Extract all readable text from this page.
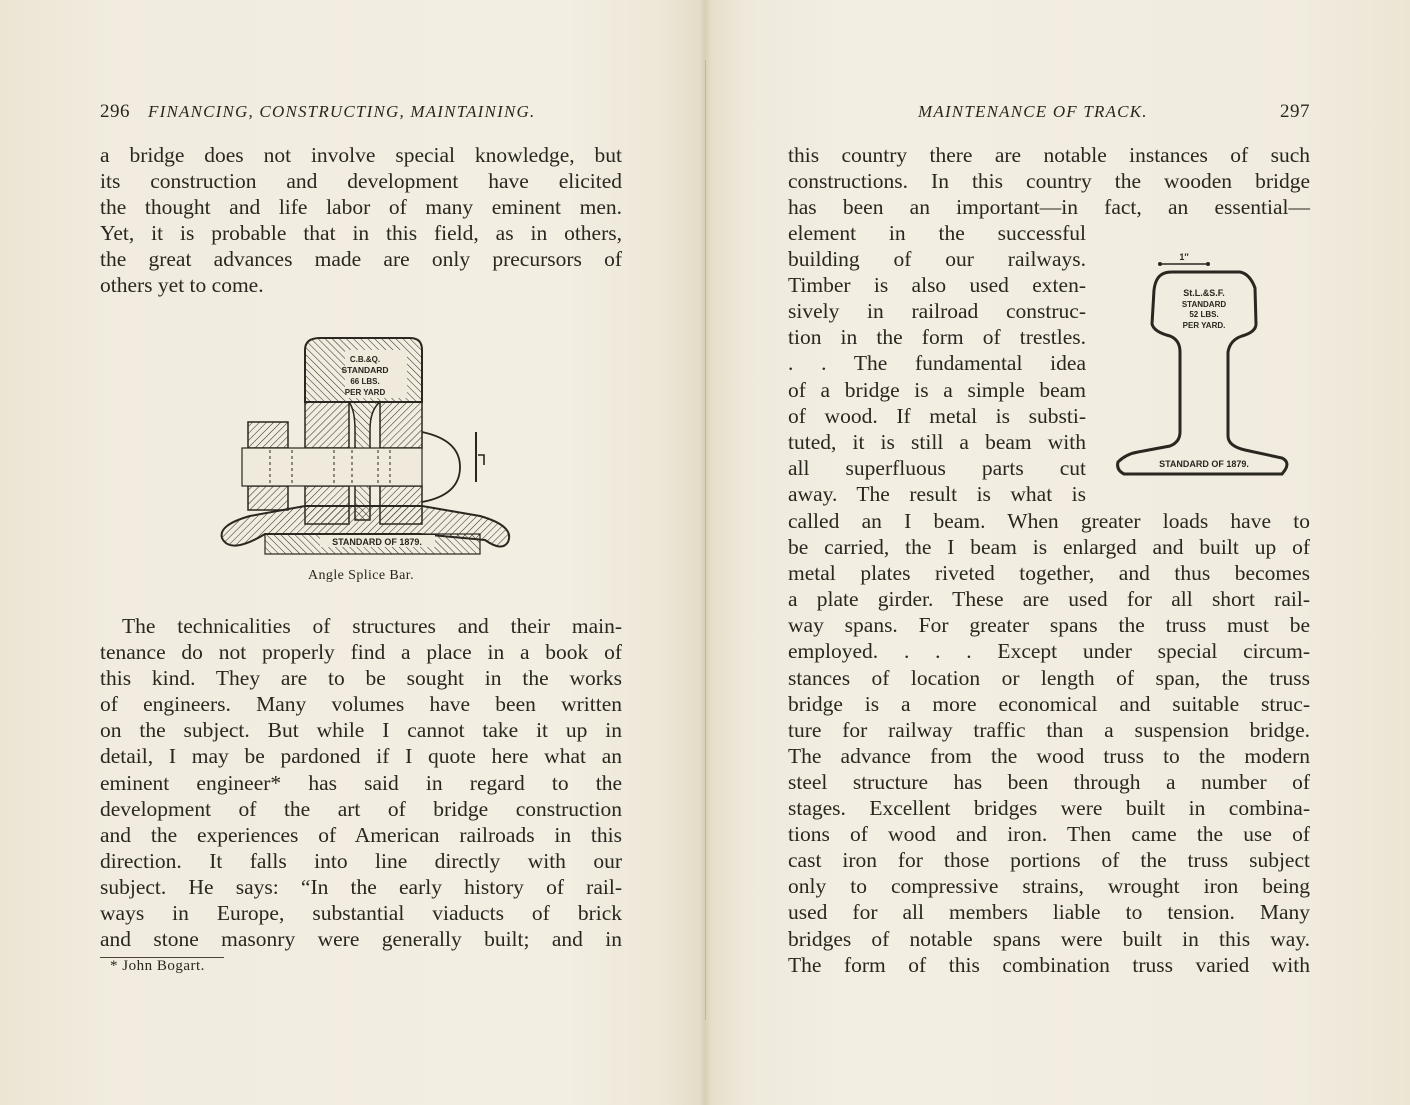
296 FINANCING, CONSTRUCTING, MAINTAINING.

a bridge does not involve special knowledge, but
its construction and development have elicited
the thought and life labor of many eminent men.
Yet, it is probable that in this field, as in others,
the great advances made are only precursors of
others yet to come.

STANDARD OF 1879.
C.B.&Q.
STANDARD
66 LBS.
PER YARD
Angle Splice Bar.

The technicalities of structures and their main-
tenance do not properly find a place in a book of
this kind. They are to be sought in the works
of engineers. Many volumes have been written
on the subject. But while I cannot take it up in
detail, I may be pardoned if I quote here what an
eminent engineer* has said in regard to the
development of the art of bridge construction
and the experiences of American railroads in this
direction. It falls into line directly with our
subject. He says: “In the early history of rail-
ways in Europe, substantial viaducts of brick
and stone masonry were generally built; and in

* John Bogart.
MAINTENANCE OF TRACK.	297

this country there are notable instances of such
constructions. In this country the wooden bridge
has been an important—in fact, an essential—

element in the successful
building of our railways.
Timber is also used exten-
sively in railroad construc-
tion in the form of trestles.
. . The fundamental idea
of a bridge is a simple beam
of wood. If metal is substi-
tuted, it is still a beam with
all superfluous parts cut
away. The result is what is

1″
St.L.&S.F.
STANDARD
52 LBS.
PER YARD.
STANDARD OF 1879.

called an I beam. When greater loads have to
be carried, the I beam is enlarged and built up of
metal plates riveted together, and thus becomes
a plate girder. These are used for all short rail-
way spans. For greater spans the truss must be
employed. . . . Except under special circum-
stances of location or length of span, the truss
bridge is a more economical and suitable struc-
ture for railway traffic than a suspension bridge.
The advance from the wood truss to the modern
steel structure has been through a number of
stages. Excellent bridges were built in combina-
tions of wood and iron. Then came the use of
cast iron for those portions of the truss subject
only to compressive strains, wrought iron being
used for all members liable to tension. Many
bridges of notable spans were built in this way.
The form of this combination truss varied with
